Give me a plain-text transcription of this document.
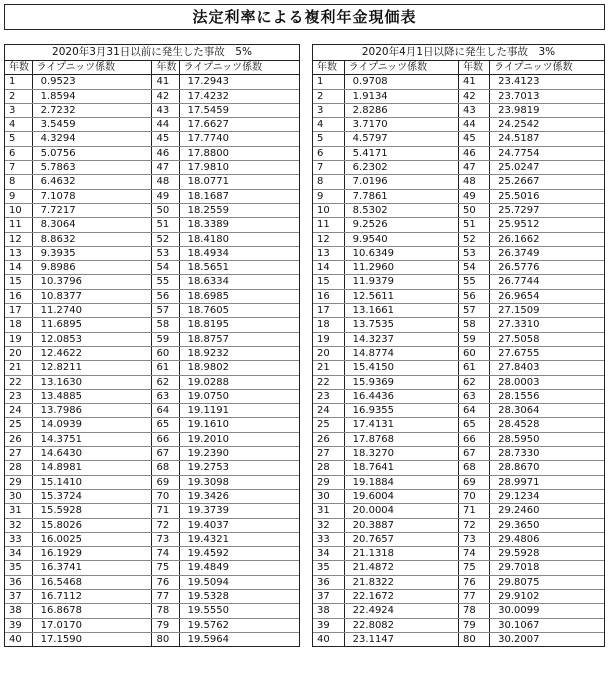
法定利率による複利年金現価表
2020年3月31日以前に発生した事故　5%
年数	ライプニッツ係数	年数	ライプニッツ係数
1	0.9523	41	17.2943
2	1.8594	42	17.4232
3	2.7232	43	17.5459
4	3.5459	44	17.6627
5	4.3294	45	17.7740
6	5.0756	46	17.8800
7	5.7863	47	17.9810
8	6.4632	48	18.0771
9	7.1078	49	18.1687
10	7.7217	50	18.2559
11	8.3064	51	18.3389
12	8.8632	52	18.4180
13	9.3935	53	18.4934
14	9.8986	54	18.5651
15	10.3796	55	18.6334
16	10.8377	56	18.6985
17	11.2740	57	18.7605
18	11.6895	58	18.8195
19	12.0853	59	18.8757
20	12.4622	60	18.9232
21	12.8211	61	18.9802
22	13.1630	62	19.0288
23	13.4885	63	19.0750
24	13.7986	64	19.1191
25	14.0939	65	19.1610
26	14.3751	66	19.2010
27	14.6430	67	19.2390
28	14.8981	68	19.2753
29	15.1410	69	19.3098
30	15.3724	70	19.3426
31	15.5928	71	19.3739
32	15.8026	72	19.4037
33	16.0025	73	19.4321
34	16.1929	74	19.4592
35	16.3741	75	19.4849
36	16.5468	76	19.5094
37	16.7112	77	19.5328
38	16.8678	78	19.5550
39	17.0170	79	19.5762
40	17.1590	80	19.5964
2020年4月1日以降に発生した事故　3%
年数	ライプニッツ係数	年数	ライプニッツ係数
1	0.9708	41	23.4123
2	1.9134	42	23.7013
3	2.8286	43	23.9819
4	3.7170	44	24.2542
5	4.5797	45	24.5187
6	5.4171	46	24.7754
7	6.2302	47	25.0247
8	7.0196	48	25.2667
9	7.7861	49	25.5016
10	8.5302	50	25.7297
11	9.2526	51	25.9512
12	9.9540	52	26.1662
13	10.6349	53	26.3749
14	11.2960	54	26.5776
15	11.9379	55	26.7744
16	12.5611	56	26.9654
17	13.1661	57	27.1509
18	13.7535	58	27.3310
19	14.3237	59	27.5058
20	14.8774	60	27.6755
21	15.4150	61	27.8403
22	15.9369	62	28.0003
23	16.4436	63	28.1556
24	16.9355	64	28.3064
25	17.4131	65	28.4528
26	17.8768	66	28.5950
27	18.3270	67	28.7330
28	18.7641	68	28.8670
29	19.1884	69	28.9971
30	19.6004	70	29.1234
31	20.0004	71	29.2460
32	20.3887	72	29.3650
33	20.7657	73	29.4806
34	21.1318	74	29.5928
35	21.4872	75	29.7018
36	21.8322	76	29.8075
37	22.1672	77	29.9102
38	22.4924	78	30.0099
39	22.8082	79	30.1067
40	23.1147	80	30.2007
